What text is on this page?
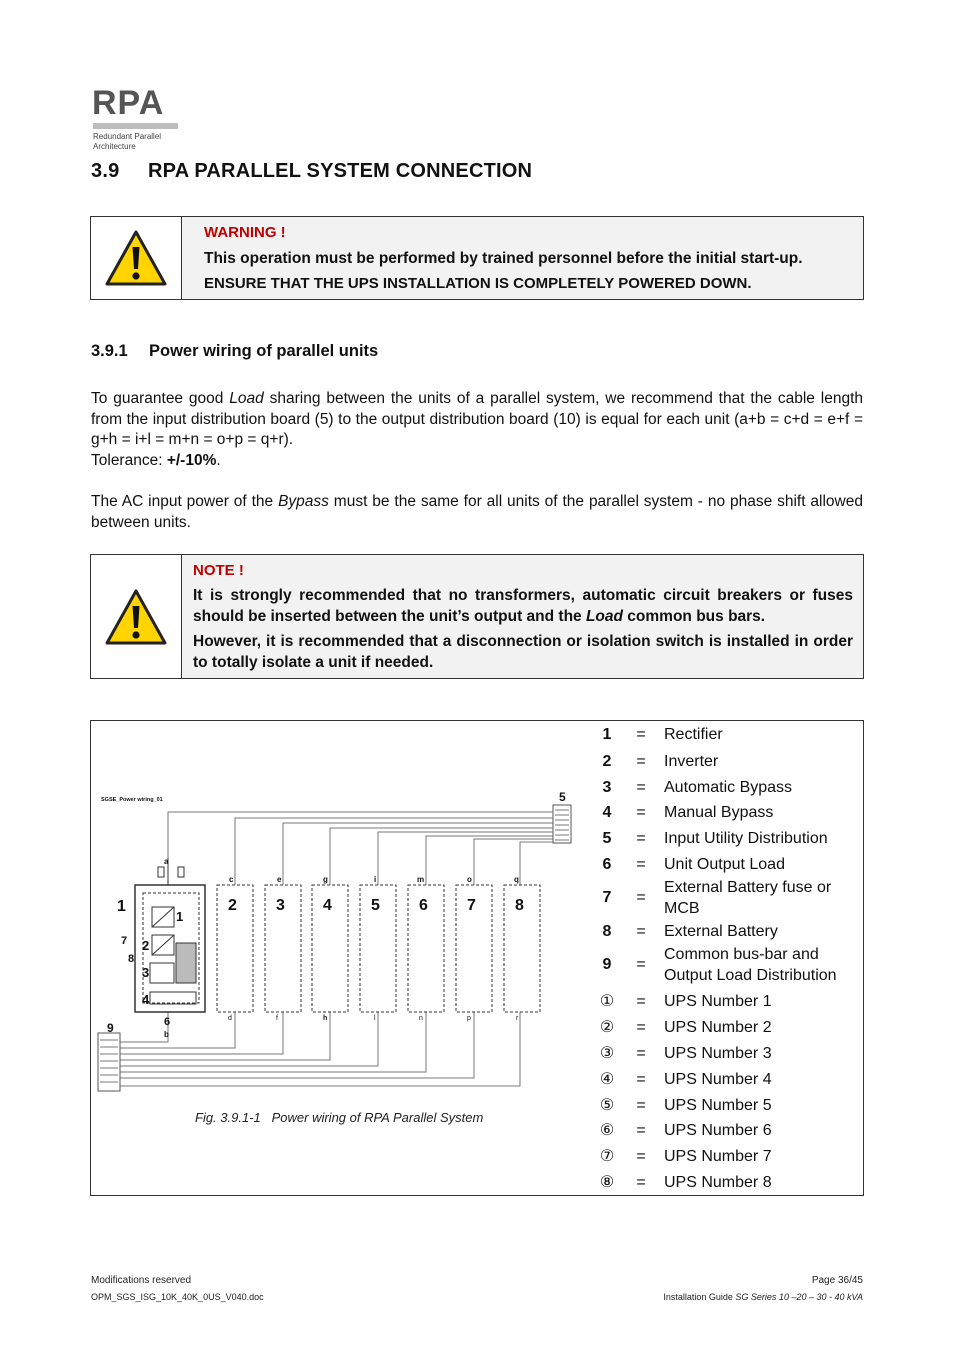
RPA
Redundant Parallel
Architecture
3.9 RPA PARALLEL SYSTEM CONNECTION
WARNING !
This operation must be performed by trained personnel before the initial start-up.
ENSURE THAT THE UPS INSTALLATION IS COMPLETELY POWERED DOWN.
3.9.1 Power wiring of parallel units
To guarantee good Load sharing between the units of a parallel system, we recommend that the cable length from the input distribution board (5) to the output distribution board (10) is equal for each unit (a+b = c+d = e+f = g+h = i+l = m+n = o+p = q+r).
Tolerance: +/-10%.
The AC input power of the Bypass must be the same for all units of the parallel system - no phase shift allowed between units.
NOTE !
It is strongly recommended that no transformers, automatic circuit breakers or fuses should be inserted between the unit’s output and the Load common bus bars.
However, it is recommended that a disconnection or isolation switch is installed in order to totally isolate a unit if needed.
SGSE_Power wiring_01
2 3 4 5 6 7 8
c	e	g	i	m	o	q
d	f	h	l	n	p	r
1
1
2
3
4
6
7
8
9
5
a
b
Fig. 3.9.1-1 Power wiring of RPA Parallel System
1	= Rectifier
2	= Inverter
3	= Automatic Bypass
4	= Manual Bypass
5	= Input Utility Distribution
6	= Unit Output Load
7	=
External Battery fuse or MCB
8	= External Battery
9	=
Common bus-bar and Output Load Distribution
① = UPS Number 1
② = UPS Number 2
③ = UPS Number 3
④ = UPS Number 4
⑤ = UPS Number 5
⑥ = UPS Number 6
⑦ = UPS Number 7
⑧ = UPS Number 8
Modifications reserved
OPM_SGS_ISG_10K_40K_0US_V040.doc
Page 36/45
Installation Guide SG Series 10 –20 – 30 - 40 kVA
